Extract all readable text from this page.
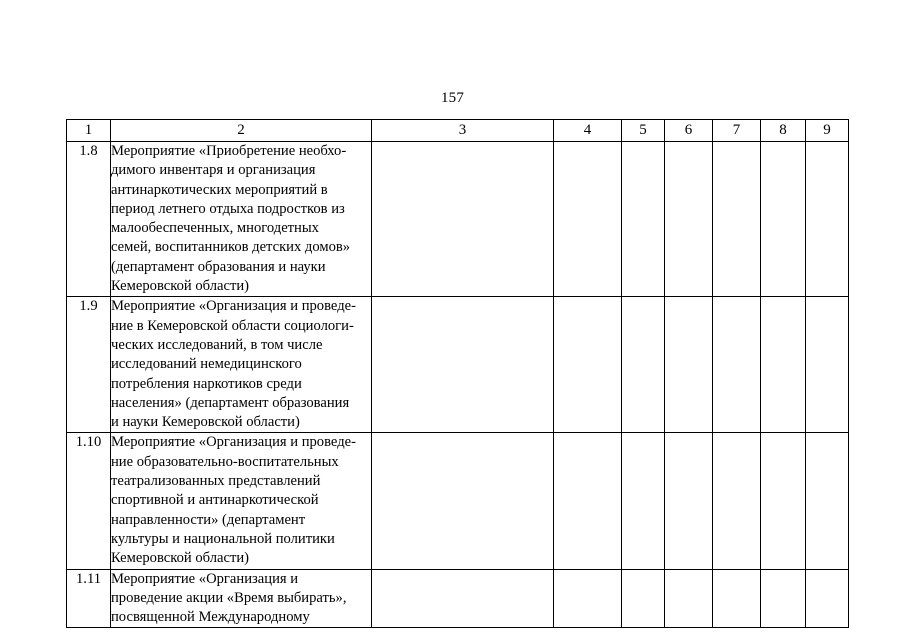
157
1	2	3	4	5	6	7	8	9
1.8	Мероприятие «Приобретение необхо-
димого инвентаря и организация
антинаркотических мероприятий в
период летнего отдыха подростков из
малообеспеченных, многодетных
семей, воспитанников детских домов»
(департамент образования и науки
Кемеровской области)

1.9	Мероприятие «Организация и проведе-
ние в Кемеровской области социологи-
ческих исследований, в том числе
исследований немедицинского
потребления наркотиков среди
населения» (департамент образования
и науки Кемеровской области)

1.10	Мероприятие «Организация и проведе-
ние образовательно-воспитательных
театрализованных представлений
спортивной и антинаркотической
направленности» (департамент
культуры и национальной политики
Кемеровской области)

1.11	Мероприятие «Организация и
проведение акции «Время выбирать»,
посвященной Международному							
